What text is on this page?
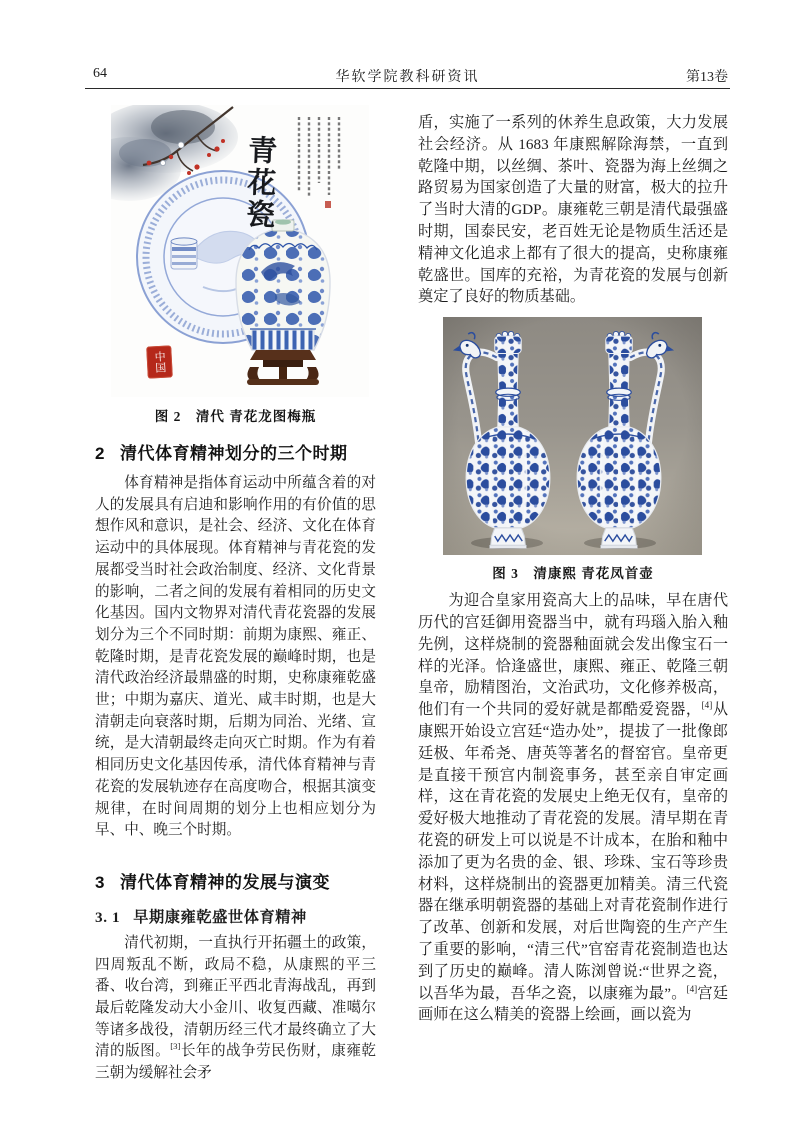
64	华软学院教科研资讯	第13卷
青花瓷
中国
图 2　清代 青花龙图梅瓶
2 清代体育精神划分的三个时期

体育精神是指体育运动中所蕴含着的对人的发展具有启迪和影响作用的有价值的思想作风和意识，是社会、经济、文化在体育运动中的具体展现。体育精神与青花瓷的发展都受当时社会政治制度、经济、文化背景的影响，二者之间的发展有着相同的历史文化基因。国内文物界对清代青花瓷器的发展划分为三个不同时期：前期为康熙、雍正、乾隆时期，是青花瓷发展的巅峰时期，也是清代政治经济最鼎盛的时期，史称康雍乾盛世；中期为嘉庆、道光、咸丰时期，也是大清朝走向衰落时期，后期为同治、光绪、宣统，是大清朝最终走向灭亡时期。作为有着相同历史文化基因传承，清代体育精神与青花瓷的发展轨迹存在高度吻合，根据其演变规律，在时间周期的划分上也相应划分为早、中、晚三个时期。

3 清代体育精神的发展与演变
3. 1 早期康雍乾盛世体育精神

清代初期，一直执行开拓疆土的政策，四周叛乱不断，政局不稳，从康熙的平三番、收台湾，到雍正平西北青海战乱，再到最后乾隆发动大小金川、收复西藏、准噶尔等诸多战役，清朝历经三代才最终确立了大清的版图。[3]长年的战争劳民伤财，康雍乾三朝为缓解社会矛

盾，实施了一系列的休养生息政策，大力发展社会经济。从 1683 年康熙解除海禁，一直到乾隆中期，以丝绸、茶叶、瓷器为海上丝绸之路贸易为国家创造了大量的财富，极大的拉升了当时大清的GDP。康雍乾三朝是清代最强盛时期，国泰民安，老百姓无论是物质生活还是精神文化追求上都有了很大的提高，史称康雍乾盛世。国库的充裕，为青花瓷的发展与创新奠定了良好的物质基础。

图 3　清康熙 青花凤首壶

为迎合皇家用瓷高大上的品味，早在唐代历代的宫廷御用瓷器当中，就有玛瑙入胎入釉先例，这样烧制的瓷器釉面就会发出像宝石一样的光泽。恰逢盛世，康熙、雍正、乾隆三朝皇帝，励精图治，文治武功，文化修养极高，他们有一个共同的爱好就是都酷爱瓷器，[4]从康熙开始设立宫廷“造办处”，提拔了一批像郎廷极、年希尧、唐英等著名的督窑官。皇帝更是直接干预宫内制瓷事务，甚至亲自审定画样，这在青花瓷的发展史上绝无仅有，皇帝的爱好极大地推动了青花瓷的发展。清早期在青花瓷的研发上可以说是不计成本，在胎和釉中添加了更为名贵的金、银、珍珠、宝石等珍贵材料，这样烧制出的瓷器更加精美。清三代瓷器在继承明朝瓷器的基础上对青花瓷制作进行了改革、创新和发展，对后世陶瓷的生产产生了重要的影响，“清三代”官窑青花瓷制造也达到了历史的巅峰。清人陈浏曾说:“世界之瓷，以吾华为最，吾华之瓷，以康雍为最”。[4]宫廷画师在这么精美的瓷器上绘画，画以瓷为
